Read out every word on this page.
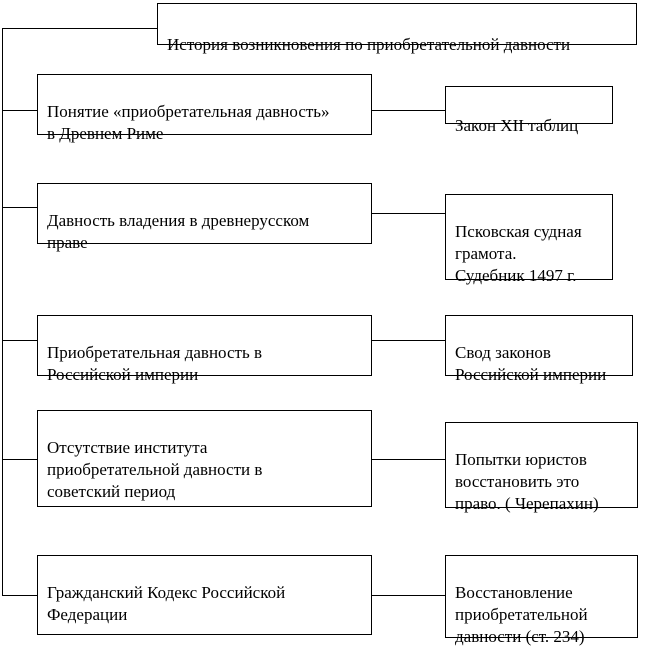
История возникновения по приобретательной давности

Понятие «приобретательная давность»
в Древнем Риме	Закон XII таблиц

Давность владения в древнерусском
праве

Псковская судная
грамота.
Судебник 1497 г.

Приобретательная давность в
Российской империи

Свод законов
Российской империи

Отсутствие института
приобретательной давности в
советский период

Попытки юристов
восстановить это
право. ( Черепахин)

Гражданский Кодекс Российской
Федерации

Восстановление
приобретательной
давности (ст. 234)
